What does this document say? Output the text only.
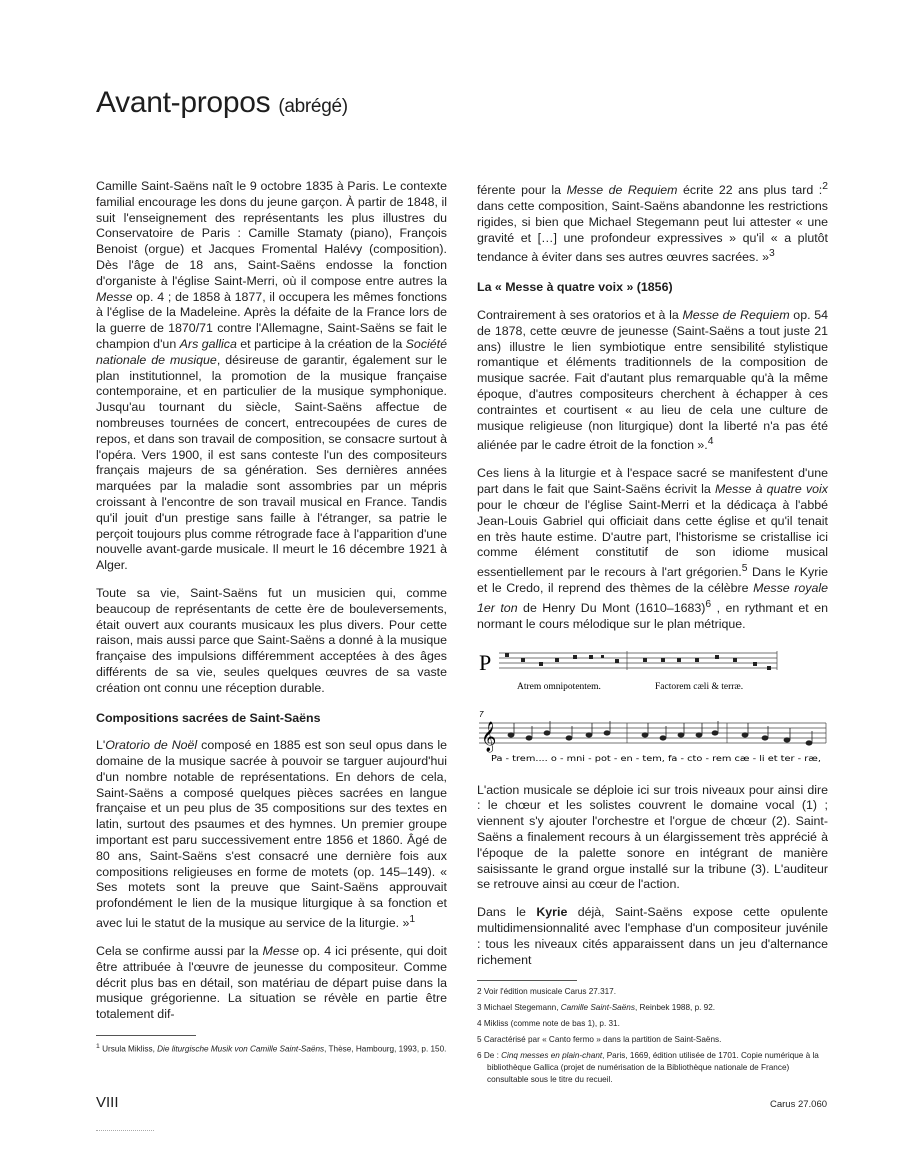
Avant-propos (abrégé)

Camille Saint-Saëns naît le 9 octobre 1835 à Paris. Le contexte familial encourage les dons du jeune garçon. À partir de 1848, il suit l'enseignement des représentants les plus illustres du Conservatoire de Paris : Camille Stamaty (piano), François Benoist (orgue) et Jacques Fromental Halévy (composition). Dès l'âge de 18 ans, Saint-Saëns endosse la fonction d'organiste à l'église Saint-Merri, où il compose entre autres la Messe op. 4 ; de 1858 à 1877, il occupera les mêmes fonctions à l'église de la Madeleine. Après la défaite de la France lors de la guerre de 1870/71 contre l'Allemagne, Saint-Saëns se fait le champion d'un Ars gallica et participe à la création de la Société nationale de musique, désireuse de garantir, également sur le plan institutionnel, la promotion de la musique française contemporaine, et en particulier de la musique symphonique. Jusqu'au tournant du siècle, Saint-Saëns affectue de nombreuses tournées de concert, entrecoupées de cures de repos, et dans son travail de composition, se consacre surtout à l'opéra. Vers 1900, il est sans conteste l'un des compositeurs français majeurs de sa génération. Ses dernières années marquées par la maladie sont assombries par un mépris croissant à l'encontre de son travail musical en France. Tandis qu'il jouit d'un prestige sans faille à l'étranger, sa patrie le perçoit toujours plus comme rétrograde face à l'apparition d'une nouvelle avant-garde musicale. Il meurt le 16 décembre 1921 à Alger.

Toute sa vie, Saint-Saëns fut un musicien qui, comme beaucoup de représentants de cette ère de bouleversements, était ouvert aux courants musicaux les plus divers. Pour cette raison, mais aussi parce que Saint-Saëns a donné à la musique française des impulsions différemment acceptées à des âges différents de sa vie, seules quelques œuvres de sa vaste création ont connu une réception durable.

Compositions sacrées de Saint-Saëns

L'Oratorio de Noël composé en 1885 est son seul opus dans le domaine de la musique sacrée à pouvoir se targuer aujourd'hui d'un nombre notable de représentations. En dehors de cela, Saint-Saëns a composé quelques pièces sacrées en langue française et un peu plus de 35 compositions sur des textes en latin, surtout des psaumes et des hymnes. Un premier groupe important est paru successivement entre 1856 et 1860. Âgé de 80 ans, Saint-Saëns s'est consacré une dernière fois aux compositions religieuses en forme de motets (op. 145–149). « Ses motets sont la preuve que Saint-Saëns approuvait profondément le lien de la musique liturgique à sa fonction et avec lui le statut de la musique au service de la liturgie. »$^1$

Cela se confirme aussi par la Messe op. 4 ici présente, qui doit être attribuée à l'œuvre de jeunesse du compositeur. Comme décrit plus bas en détail, son matériau de départ puise dans la musique grégorienne. La situation se révèle en partie être totalement dif-

$^1$ Ursula Mikliss, Die liturgische Musik von Camille Saint-Saëns, Thèse, Hambourg, 1993, p. 150.

férente pour la Messe de Requiem écrite 22 ans plus tard :$^2$ dans cette composition, Saint-Saëns abandonne les restrictions rigides, si bien que Michael Stegemann peut lui attester « une gravité et […] une profondeur expressives » qu'il « a plutôt tendance à éviter dans ses autres œuvres sacrées. »$^3$

La « Messe à quatre voix » (1856)

Contrairement à ses oratorios et à la Messe de Requiem op. 54 de 1878, cette œuvre de jeunesse (Saint-Saëns a tout juste 21 ans) illustre le lien symbiotique entre sensibilité stylistique romantique et éléments traditionnels de la composition de musique sacrée. Fait d'autant plus remarquable qu'à la même époque, d'autres compositeurs cherchent à échapper à ces contraintes et courtisent « au lieu de cela une culture de musique religieuse (non liturgique) dont la liberté n'a pas été aliénée par le cadre étroit de la fonction ».$^4$

Ces liens à la liturgie et à l'espace sacré se manifestent d'une part dans le fait que Saint-Saëns écrivit la Messe à quatre voix pour le chœur de l'église Saint-Merri et la dédicaça à l'abbé Jean-Louis Gabriel qui officiait dans cette église et qu'il tenait en très haute estime. D'autre part, l'historisme se cristallise ici comme élément constitutif de son idiome musical essentiellement par le recours à l'art grégorien.$^5$ Dans le Kyrie et le Credo, il reprend des thèmes de la célèbre Messe royale 1er ton de Henry Du Mont (1610–1683)$^6$ , en rythmant et en normant le cours mélodique sur le plan métrique.

P
Atrem omnipotentem.	Factorem cæli & terræ.
7
𝄞
Pa - trem.... o - mni - pot - en - tem, fa - cto - rem cæ - li et ter - ræ,

L'action musicale se déploie ici sur trois niveaux pour ainsi dire : le chœur et les solistes couvrent le domaine vocal (1) ; viennent s'y ajouter l'orchestre et l'orgue de chœur (2). Saint-Saëns a finalement recours à un élargissement très apprécié à l'époque de la palette sonore en intégrant de manière saisissante le grand orgue installé sur la tribune (3). L'auditeur se retrouve ainsi au cœur de l'action.

Dans le Kyrie déjà, Saint-Saëns expose cette opulente multidimensionnalité avec l'emphase d'un compositeur juvénile : tous les niveaux cités apparaissent dans un jeu d'alternance richement

2 Voir l'édition musicale Carus 27.317.
3 Michael Stegemann, Camille Saint-Saëns, Reinbek 1988, p. 92.
4 Mikliss (comme note de bas 1), p. 31.
5 Caractérisé par « Canto fermo » dans la partition de Saint-Saëns.
6 De : Cinq messes en plain-chant, Paris, 1669, édition utilisée de 1701. Copie numérique à la bibliothèque Gallica (projet de numérisation de la Bibliothèque nationale de France) consultable sous le titre du recueil.
VIII	Carus 27.060
